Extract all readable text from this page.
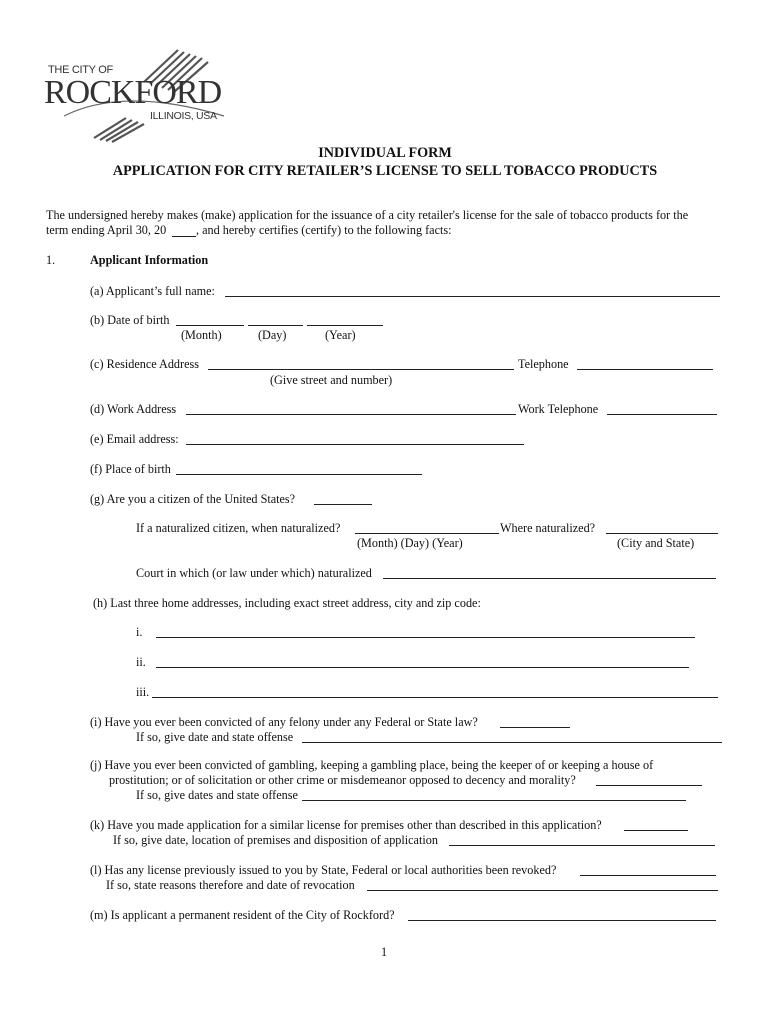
THE CITY OF
ROCKFORD
ILLINOIS, USA
INDIVIDUAL FORM
APPLICATION FOR CITY RETAILER’S LICENSE TO SELL TOBACCO PRODUCTS
The undersigned hereby makes (make) application for the issuance of a city retailer's license for the sale of tobacco products for the
term ending April 30, 20 , and hereby certifies (certify) to the following facts:
1.	Applicant Information
(a) Applicant’s full name:
(b) Date of birth
(Month)	(Day)	(Year)
(c) Residence Address	Telephone
(Give street and number)
(d) Work Address	Work Telephone
(e) Email address:
(f) Place of birth
(g) Are you a citizen of the United States?
If a naturalized citizen, when naturalized?	Where naturalized?
(Month) (Day) (Year)	(City and State)
Court in which (or law under which) naturalized
(h) Last three home addresses, including exact street address, city and zip code:
i.
ii.
iii.
(i) Have you ever been convicted of any felony under any Federal or State law?
If so, give date and state offense
(j) Have you ever been convicted of gambling, keeping a gambling place, being the keeper of or keeping a house of
prostitution; or of solicitation or other crime or misdemeanor opposed to decency and morality?
If so, give dates and state offense
(k) Have you made application for a similar license for premises other than described in this application?
If so, give date, location of premises and disposition of application
(l) Has any license previously issued to you by State, Federal or local authorities been revoked?
If so, state reasons therefore and date of revocation
(m) Is applicant a permanent resident of the City of Rockford?
1
